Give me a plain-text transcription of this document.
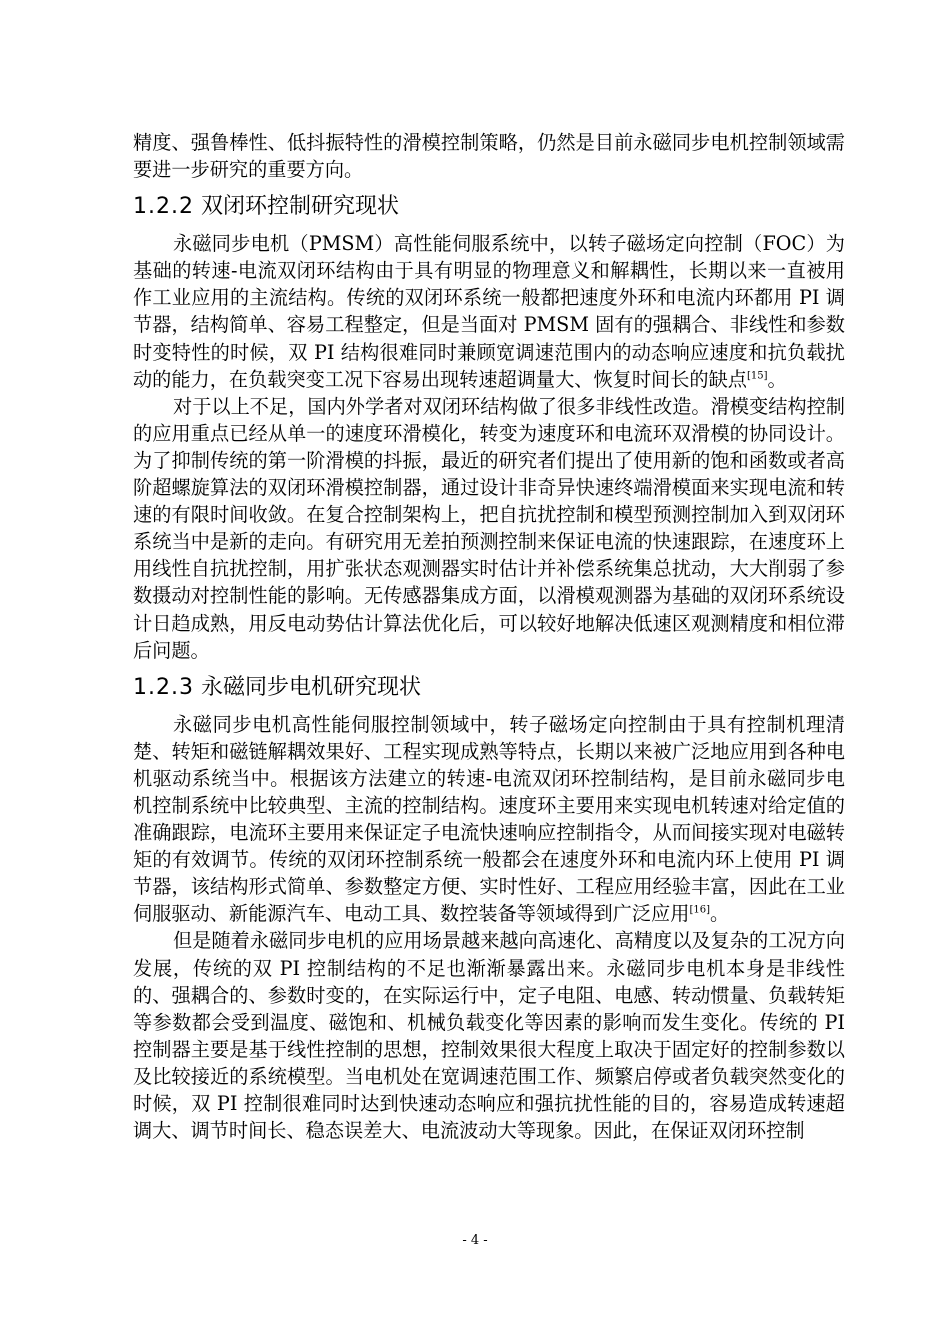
精度、强鲁棒性、低抖振特性的滑模控制策略，仍然是目前永磁同步电机控制领域需要进一步研究的重要方向。

1.2.2 双闭环控制研究现状

永磁同步电机（PMSM）高性能伺服系统中，以转子磁场定向控制（FOC）为基础的转速-电流双闭环结构由于具有明显的物理意义和解耦性，长期以来一直被用作工业应用的主流结构。传统的双闭环系统一般都把速度外环和电流内环都用 PI 调节器，结构简单、容易工程整定，但是当面对 PMSM 固有的强耦合、非线性和参数时变特性的时候，双 PI 结构很难同时兼顾宽调速范围内的动态响应速度和抗负载扰动的能力，在负载突变工况下容易出现转速超调量大、恢复时间长的缺点[15]。

对于以上不足，国内外学者对双闭环结构做了很多非线性改造。滑模变结构控制的应用重点已经从单一的速度环滑模化，转变为速度环和电流环双滑模的协同设计。为了抑制传统的第一阶滑模的抖振，最近的研究者们提出了使用新的饱和函数或者高阶超螺旋算法的双闭环滑模控制器，通过设计非奇异快速终端滑模面来实现电流和转速的有限时间收敛。在复合控制架构上，把自抗扰控制和模型预测控制加入到双闭环系统当中是新的走向。有研究用无差拍预测控制来保证电流的快速跟踪，在速度环上用线性自抗扰控制，用扩张状态观测器实时估计并补偿系统集总扰动，大大削弱了参数摄动对控制性能的影响。无传感器集成方面，以滑模观测器为基础的双闭环系统设计日趋成熟，用反电动势估计算法优化后，可以较好地解决低速区观测精度和相位滞后问题。

1.2.3 永磁同步电机研究现状

永磁同步电机高性能伺服控制领域中，转子磁场定向控制由于具有控制机理清楚、转矩和磁链解耦效果好、工程实现成熟等特点，长期以来被广泛地应用到各种电机驱动系统当中。根据该方法建立的转速-电流双闭环控制结构，是目前永磁同步电机控制系统中比较典型、主流的控制结构。速度环主要用来实现电机转速对给定值的准确跟踪，电流环主要用来保证定子电流快速响应控制指令，从而间接实现对电磁转矩的有效调节。传统的双闭环控制系统一般都会在速度外环和电流内环上使用 PI 调节器，该结构形式简单、参数整定方便、实时性好、工程应用经验丰富，因此在工业伺服驱动、新能源汽车、电动工具、数控装备等领域得到广泛应用[16]。

但是随着永磁同步电机的应用场景越来越向高速化、高精度以及复杂的工况方向发展，传统的双 PI 控制结构的不足也渐渐暴露出来。永磁同步电机本身是非线性的、强耦合的、参数时变的，在实际运行中，定子电阻、电感、转动惯量、负载转矩等参数都会受到温度、磁饱和、机械负载变化等因素的影响而发生变化。传统的 PI 控制器主要是基于线性控制的思想，控制效果很大程度上取决于固定好的控制参数以及比较接近的系统模型。当电机处在宽调速范围工作、频繁启停或者负载突然变化的时候，双 PI 控制很难同时达到快速动态响应和强抗扰性能的目的，容易造成转速超调大、调节时间长、稳态误差大、电流波动大等现象。因此，在保证双闭环控制

- 4 -
